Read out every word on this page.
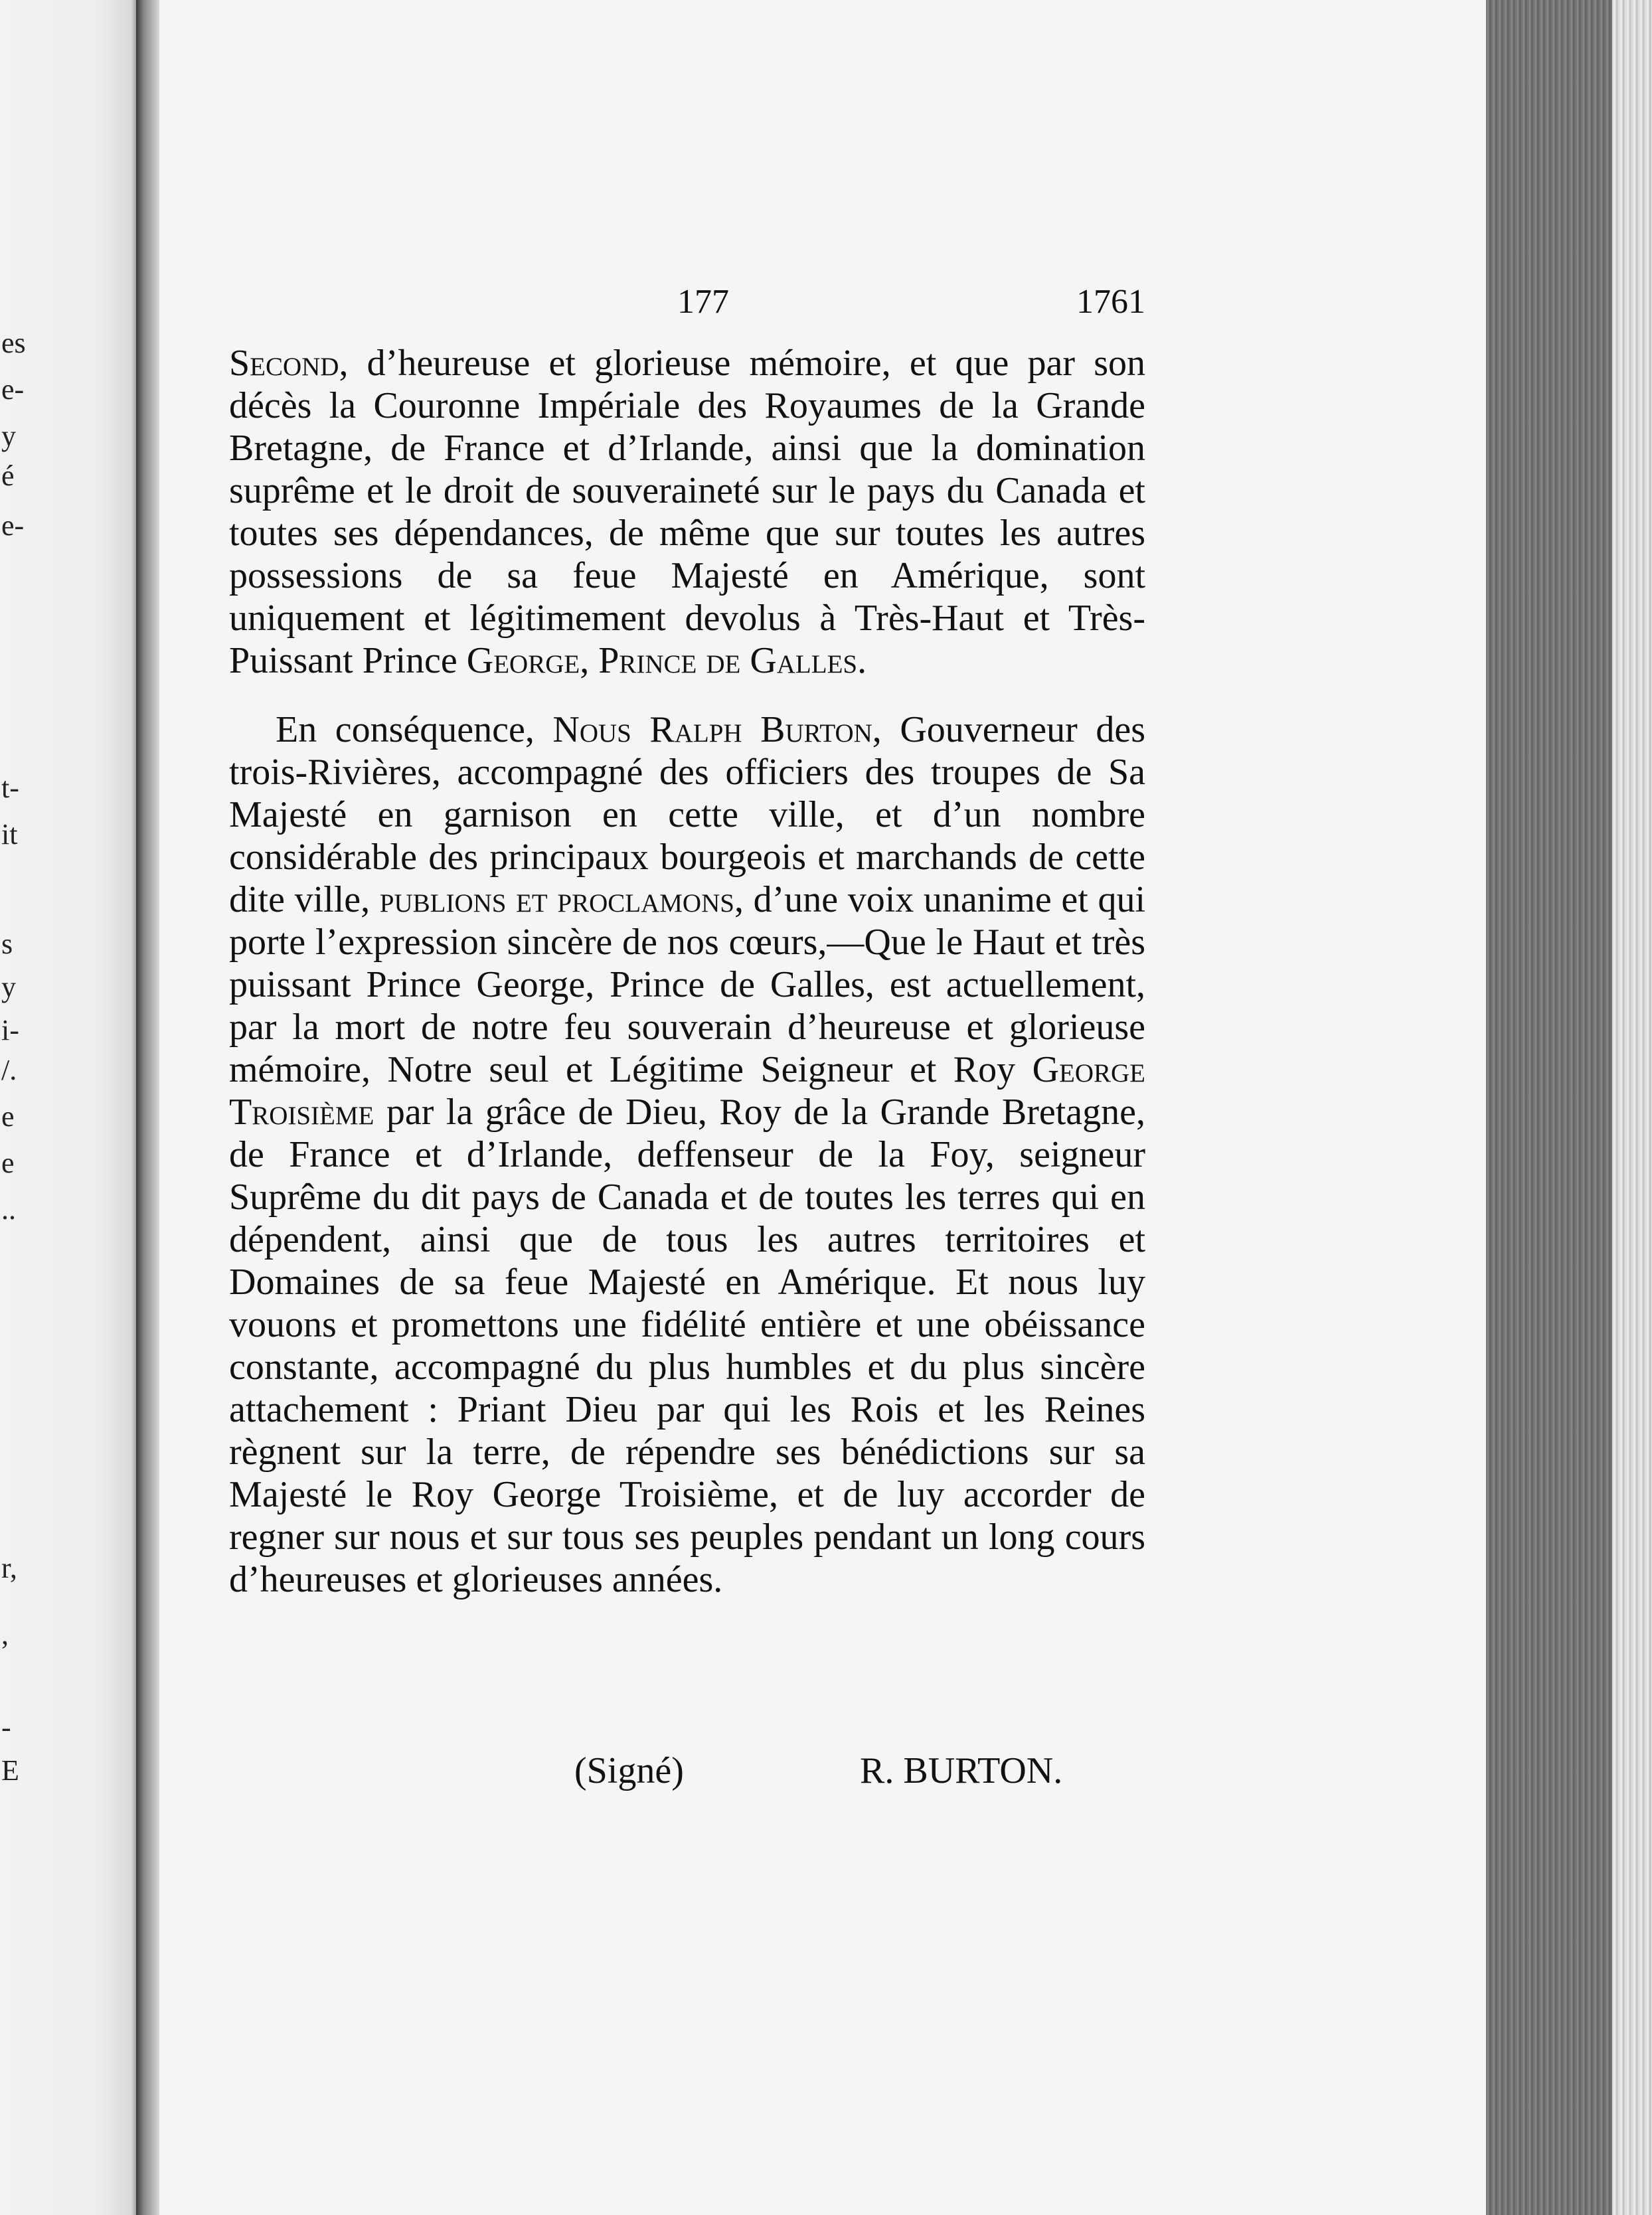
es
e-
y
é
e-
t-
it
s
y
i-
/.
e
e
..
r,
,
-
E
177	1761

Second, d’heureuse et glorieuse mémoire, et que par son décès la Couronne Impériale des Royaumes de la Grande Bretagne, de France et d’Irlande, ainsi que la domination suprême et le droit de souveraineté sur le pays du Canada et toutes ses dépendances, de même que sur toutes les autres possessions de sa feue Majesté en Amérique, sont uniquement et légitimement devolus à Très-Haut et Très-Puissant Prince George, Prince de Galles.

En conséquence, Nous Ralph Burton, Gouverneur des trois-Rivières, accompagné des officiers des troupes de Sa Majesté en garnison en cette ville, et d’un nombre considérable des principaux bourgeois et marchands de cette dite ville, publions et proclamons, d’une voix unanime et qui porte l’expression sincère de nos cœurs,—Que le Haut et très puissant Prince George, Prince de Galles, est actuellement, par la mort de notre feu souverain d’heureuse et glorieuse mémoire, Notre seul et Légitime Seigneur et Roy George Troisième par la grâce de Dieu, Roy de la Grande Bretagne, de France et d’Irlande, deffenseur de la Foy, seigneur Suprême du dit pays de Canada et de toutes les terres qui en dépendent, ainsi que de tous les autres territoires et Domaines de sa feue Majesté en Amérique. Et nous luy vouons et promettons une fidélité entière et une obéissance constante, accompagné du plus humbles et du plus sincère attachement : Priant Dieu par qui les Rois et les Reines règnent sur la terre, de répendre ses bénédictions sur sa Majesté le Roy George Troisième, et de luy accorder de regner sur nous et sur tous ses peuples pendant un long cours d’heureuses et glorieuses années.

(Signé)	R. BURTON.
